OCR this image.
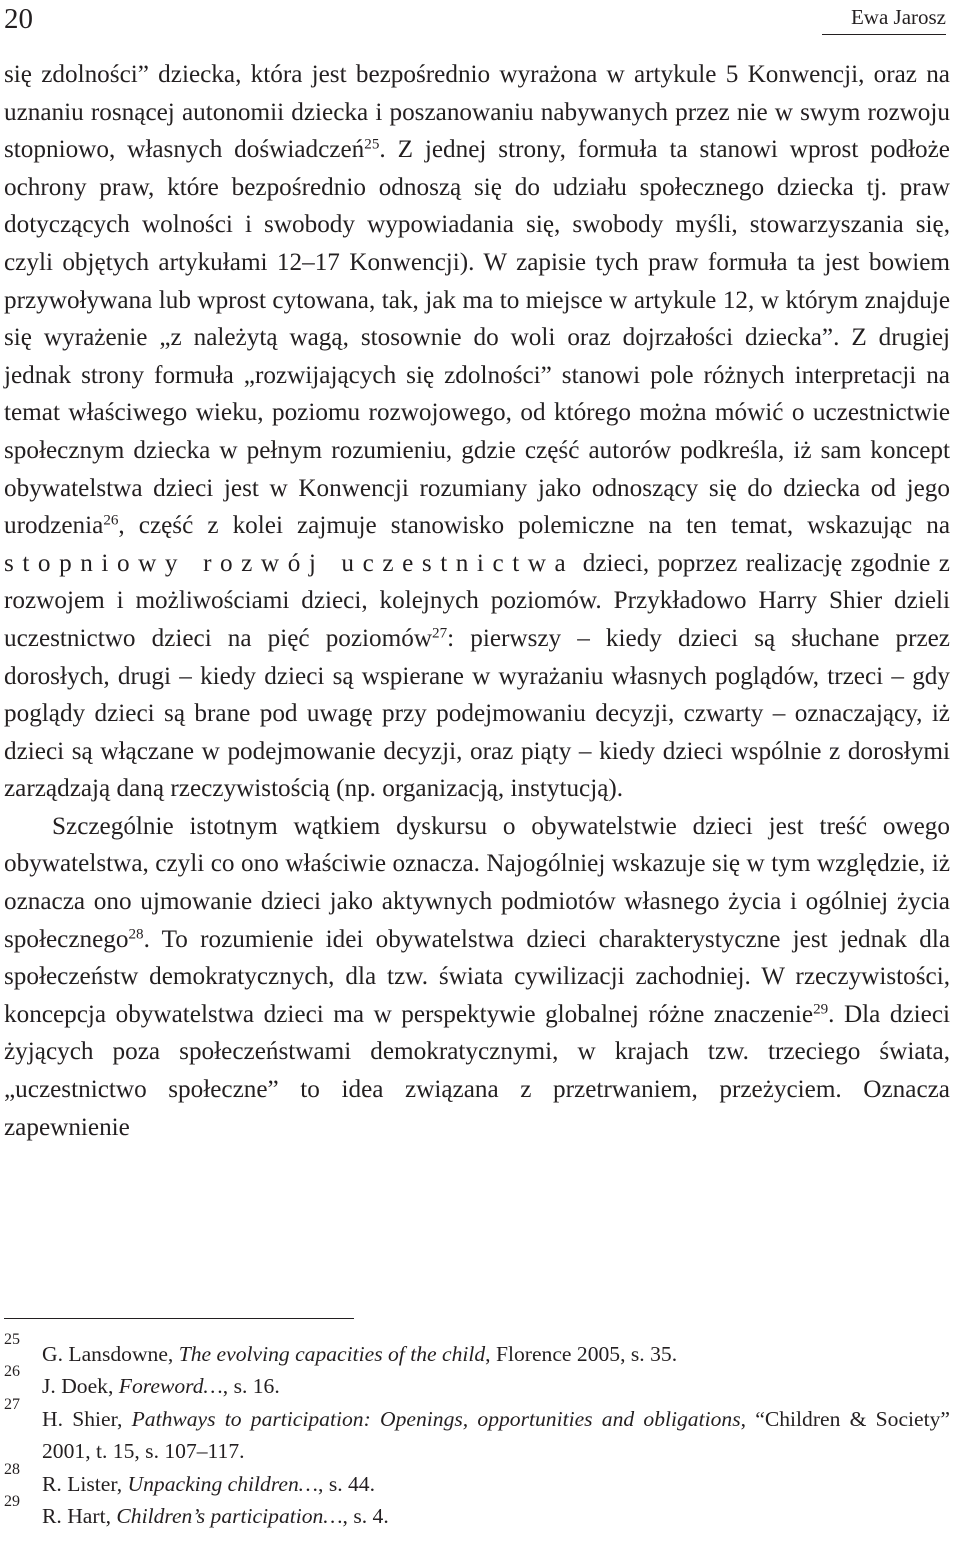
20	Ewa Jarosz

się zdolności” dziecka, która jest bezpośrednio wyrażona w artykule 5 Konwencji, oraz na uznaniu rosnącej autonomii dziecka i poszanowaniu nabywanych przez nie w swym rozwoju stopniowo, własnych doświadczeń$^{25}$. Z jednej strony, formuła ta stanowi wprost podłoże ochrony praw, które bezpośrednio odnoszą się do udziału społecznego dziecka tj. praw dotyczących wolności i swobody wypowiadania się, swobody myśli, stowarzyszania się, czyli objętych artykułami 12–17 Konwencji). W zapisie tych praw formuła ta jest bowiem przywoływana lub wprost cytowana, tak, jak ma to miejsce w artykule 12, w którym znajduje się wyrażenie „z należytą wagą, stosownie do woli oraz dojrzałości dziecka”. Z drugiej jednak strony formuła „rozwijających się zdolności” stanowi pole różnych interpretacji na temat właściwego wieku, poziomu rozwojowego, od którego można mówić o uczestnictwie społecznym dziecka w pełnym rozumieniu, gdzie część autorów podkreśla, iż sam koncept obywatelstwa dzieci jest w Konwencji rozumiany jako odnoszący się do dziecka od jego urodzenia$^{26}$, część z kolei zajmuje stanowisko polemiczne na ten temat, wskazując na stopniowy rozwój uczestnictwa dzieci, poprzez realizację zgodnie z rozwojem i możliwościami dzieci, kolejnych poziomów. Przykładowo Harry Shier dzieli uczestnictwo dzieci na pięć poziomów$^{27}$: pierwszy – kiedy dzieci są słuchane przez dorosłych, drugi – kiedy dzieci są wspierane w wyrażaniu własnych poglądów, trzeci – gdy poglądy dzieci są brane pod uwagę przy podejmowaniu decyzji, czwarty – oznaczający, iż dzieci są włączane w podejmowanie decyzji, oraz piąty – kiedy dzieci wspólnie z dorosłymi zarządzają daną rzeczywistością (np. organizacją, instytucją).

Szczególnie istotnym wątkiem dyskursu o obywatelstwie dzieci jest treść owego obywatelstwa, czyli co ono właściwie oznacza. Najogólniej wskazuje się w tym względzie, iż oznacza ono ujmowanie dzieci jako aktywnych podmiotów własnego życia i ogólniej życia społecznego$^{28}$. To rozumienie idei obywatelstwa dzieci charakterystyczne jest jednak dla społeczeństw demokratycznych, dla tzw. świata cywilizacji zachodniej. W rzeczywistości, koncepcja obywatelstwa dzieci ma w perspektywie globalnej różne znaczenie$^{29}$. Dla dzieci żyjących poza społeczeństwami demokratycznymi, w krajach tzw. trzeciego świata, „uczestnictwo społeczne” to idea związana z przetrwaniem, przeżyciem. Oznacza zapewnienie

25
G. Lansdowne, The evolving capacities of the child, Florence 2005, s. 35.
26
J. Doek, Foreword…, s. 16.
27
H. Shier, Pathways to participation: Openings, opportunities and obligations, “Children & Society” 2001, t. 15, s. 107–117.
28
R. Lister, Unpacking children…, s. 44.
29
R. Hart, Children’s participation…, s. 4.
